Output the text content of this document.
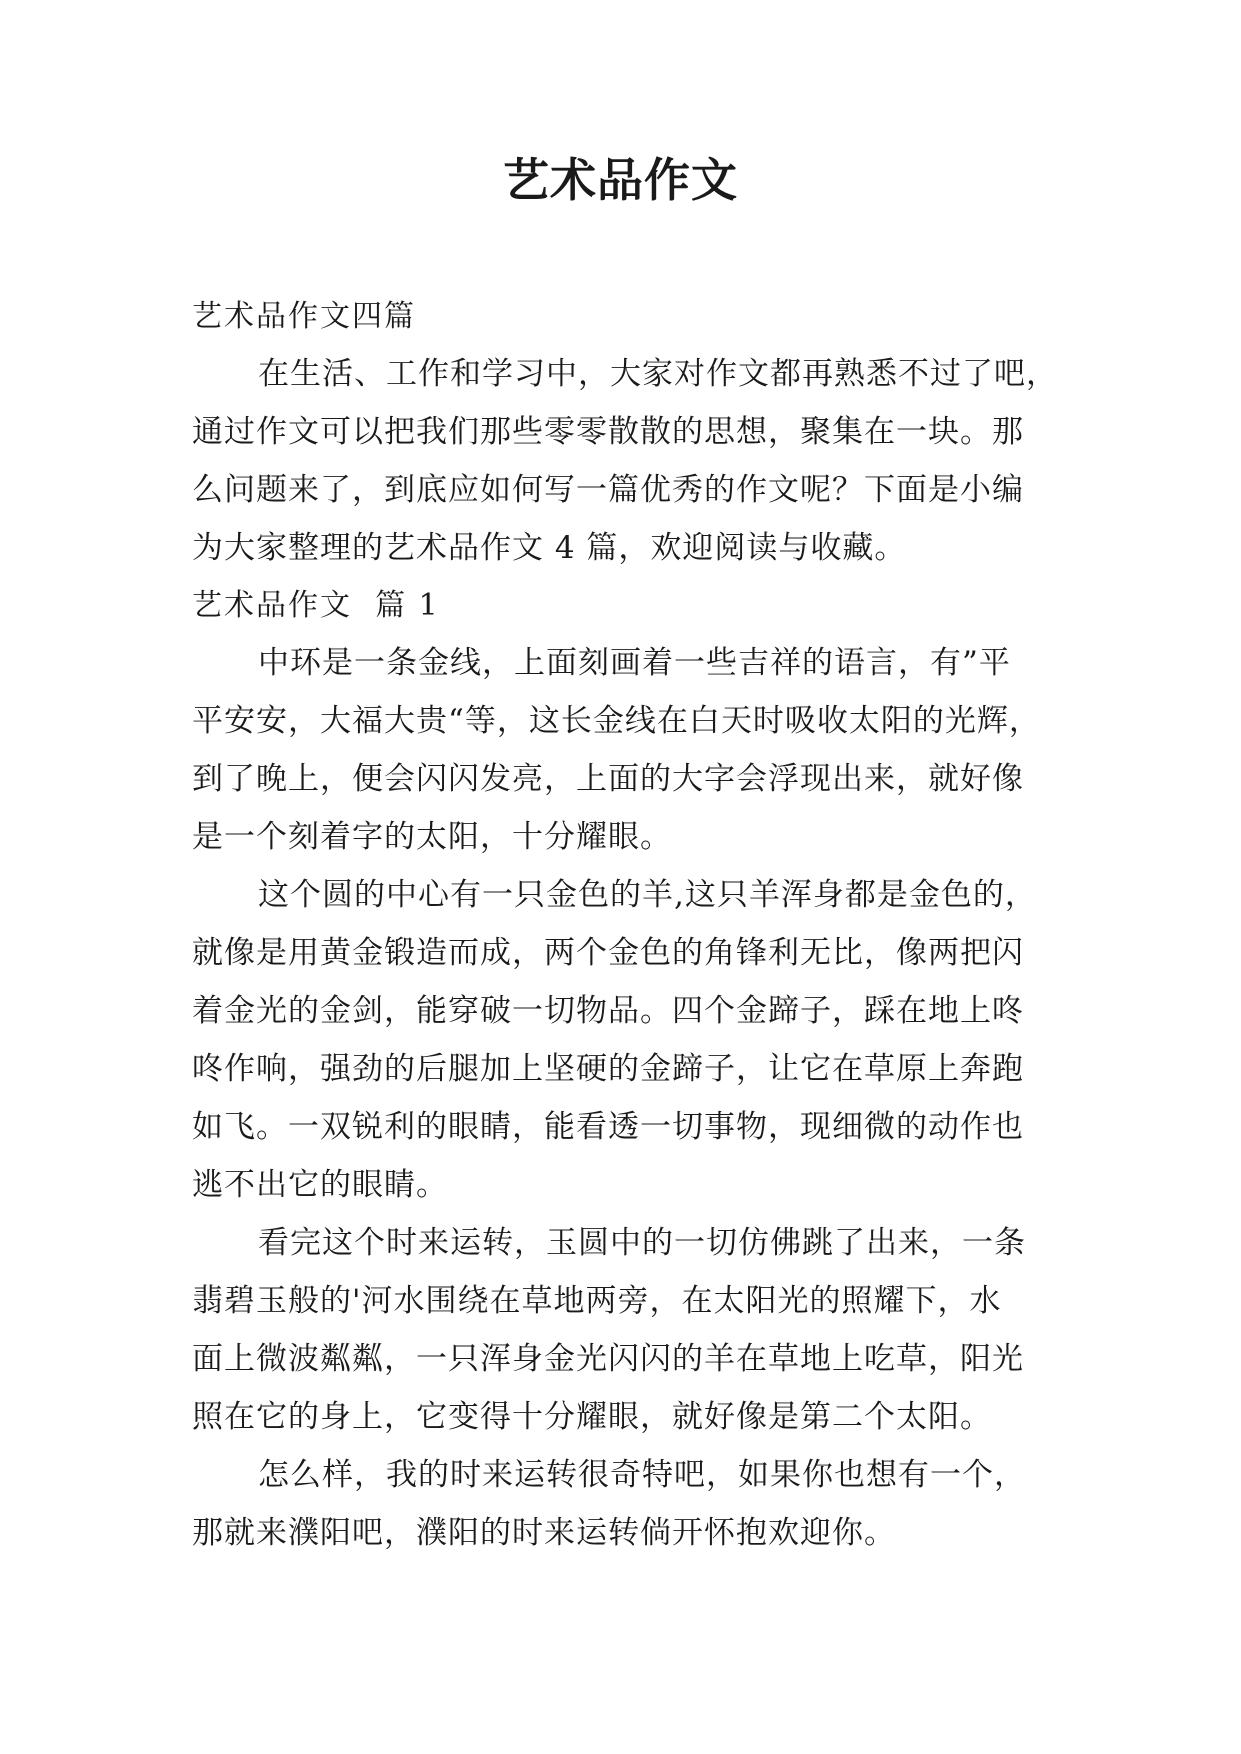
艺术品作文
艺术品作文四篇
在生活、工作和学习中，大家对作文都再熟悉不过了吧，
通过作文可以把我们那些零零散散的思想，聚集在一块。那
么问题来了，到底应如何写一篇优秀的作文呢？下面是小编
为大家整理的艺术品作文 4 篇，欢迎阅读与收藏。
艺术品作文  篇 1
中环是一条金线，上面刻画着一些吉祥的语言，有”平
平安安，大福大贵“等，这长金线在白天时吸收太阳的光辉，
到了晚上，便会闪闪发亮，上面的大字会浮现出来，就好像
是一个刻着字的太阳，十分耀眼。
这个圆的中心有一只金色的羊,这只羊浑身都是金色的，
就像是用黄金锻造而成，两个金色的角锋利无比，像两把闪
着金光的金剑，能穿破一切物品。四个金蹄子，踩在地上咚
咚作响，强劲的后腿加上坚硬的金蹄子，让它在草原上奔跑
如飞。一双锐利的眼睛，能看透一切事物，现细微的动作也
逃不出它的眼睛。
看完这个时来运转，玉圆中的一切仿佛跳了出来，一条
翡碧玉般的'河水围绕在草地两旁，在太阳光的照耀下，水
面上微波粼粼，一只浑身金光闪闪的羊在草地上吃草，阳光
照在它的身上，它变得十分耀眼，就好像是第二个太阳。
怎么样，我的时来运转很奇特吧，如果你也想有一个，
那就来濮阳吧，濮阳的时来运转倘开怀抱欢迎你。
